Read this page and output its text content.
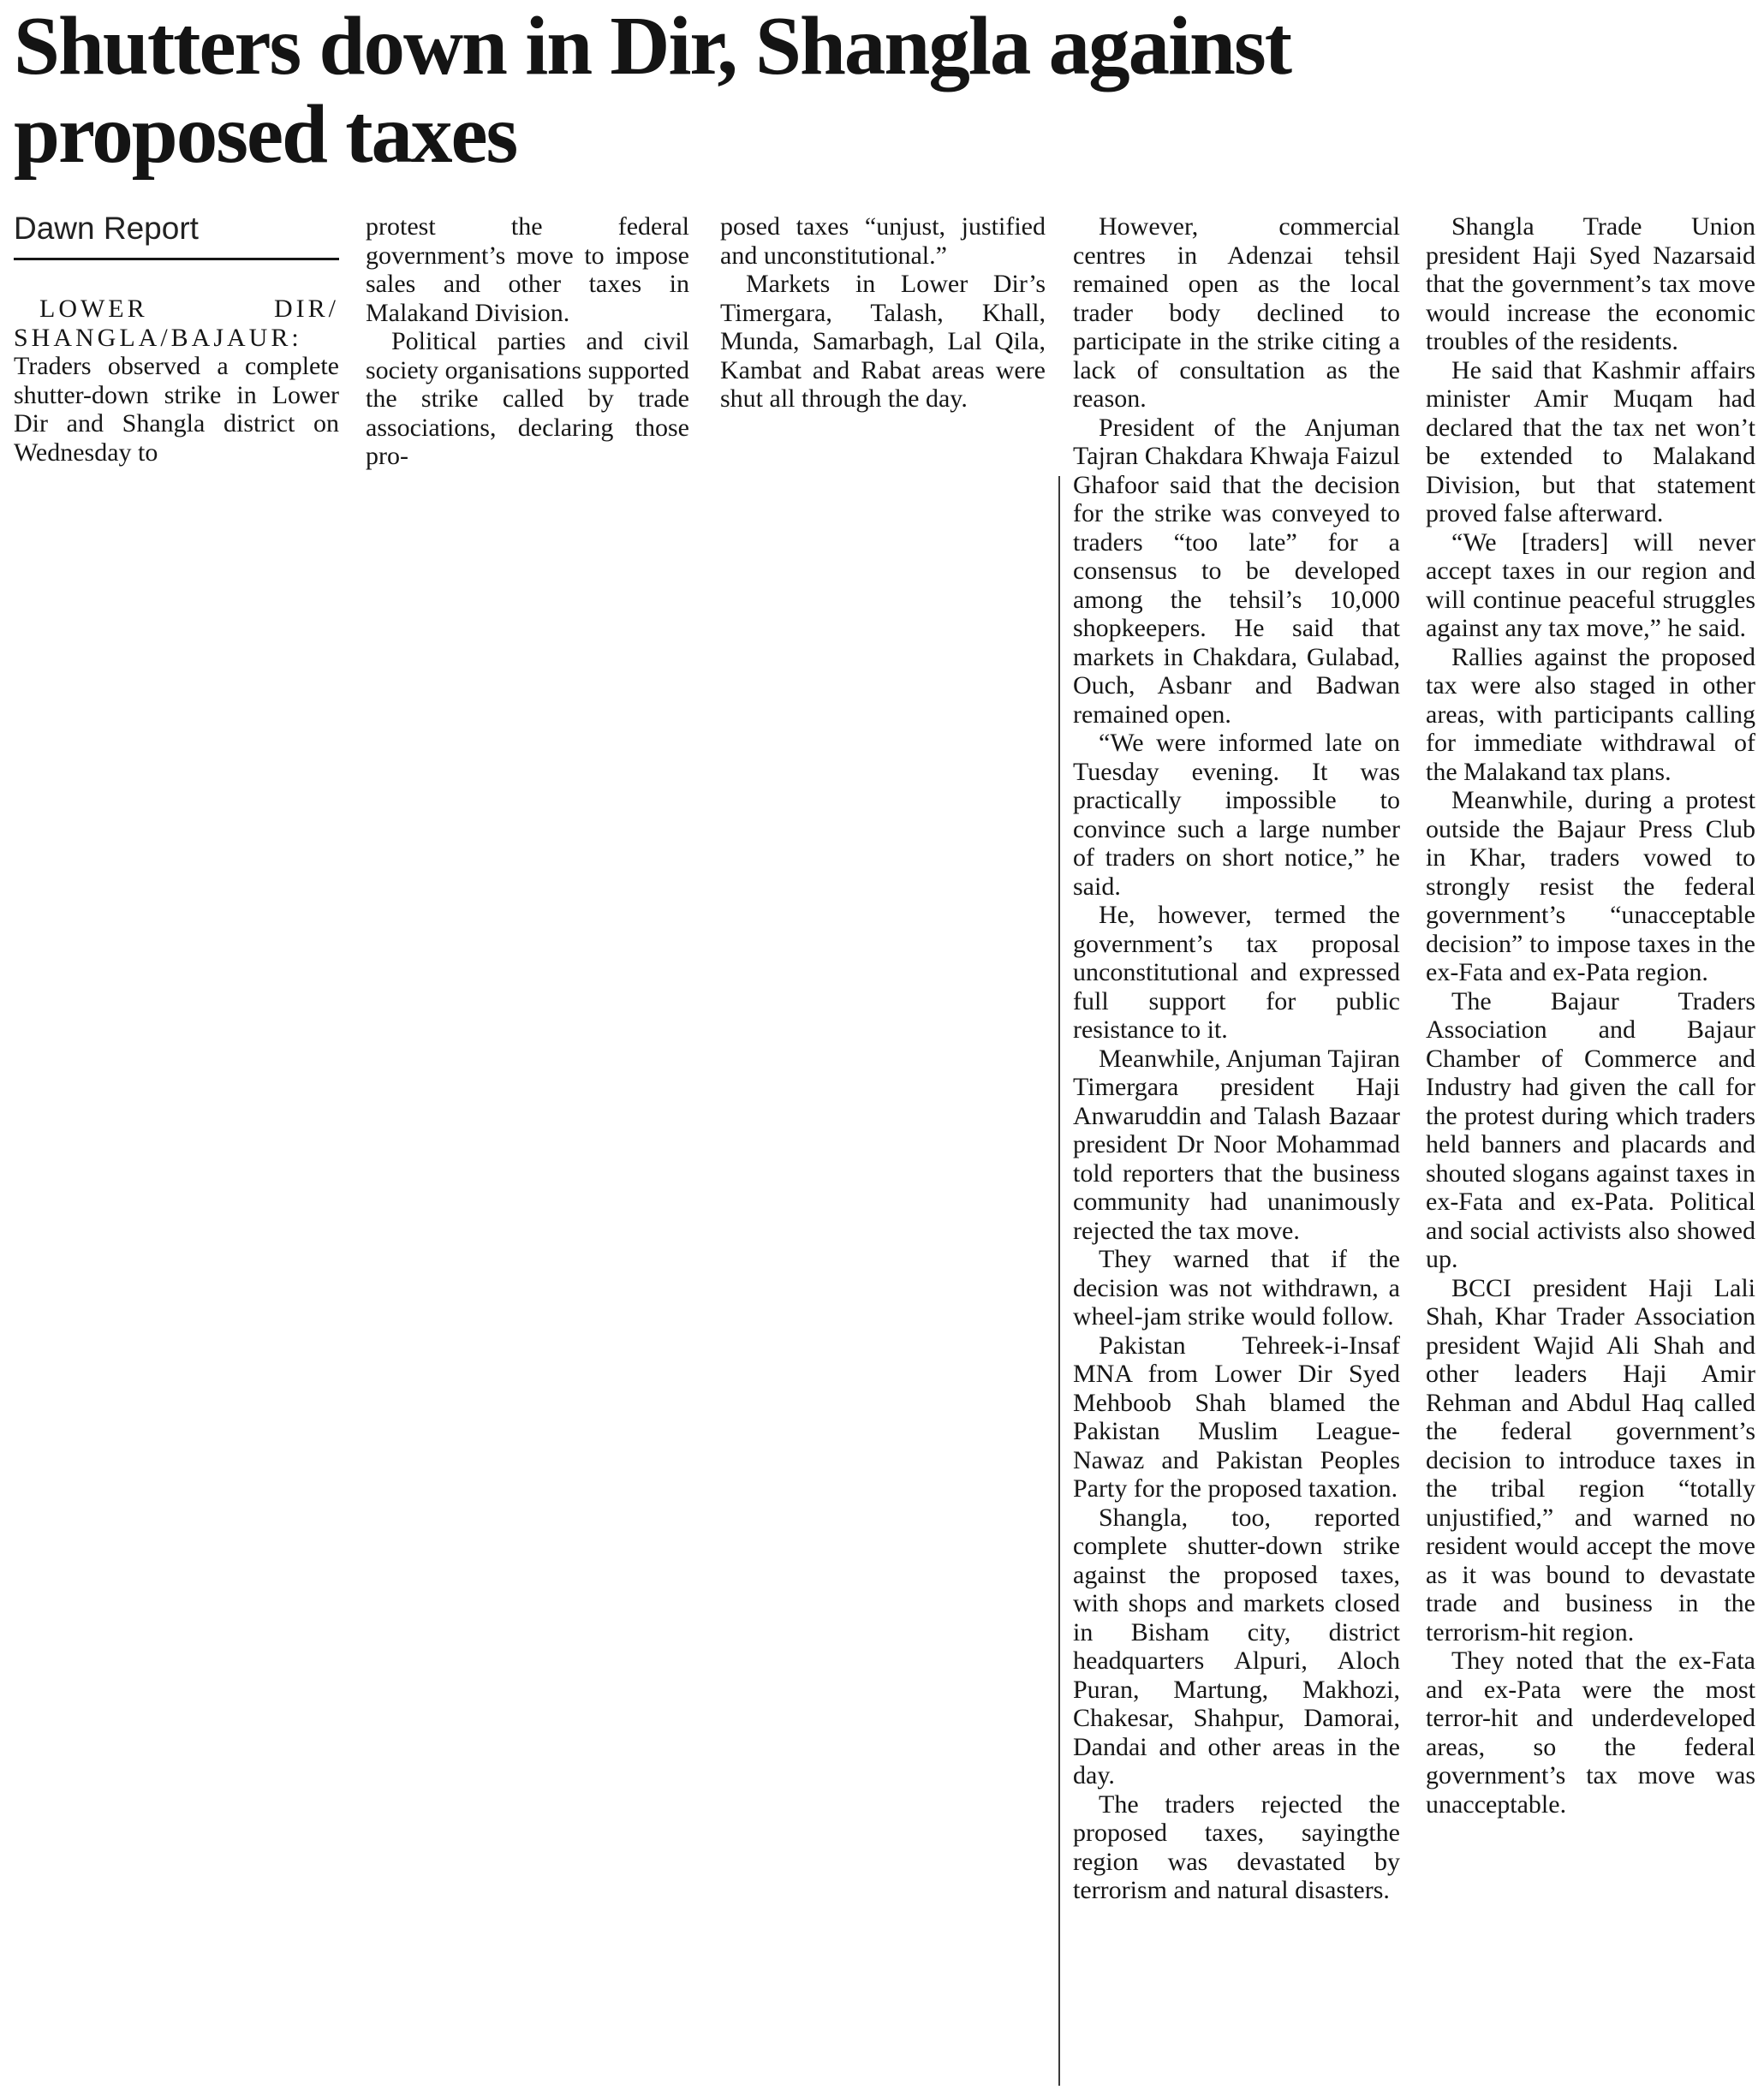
Shutters down in Dir, Shangla against proposed taxes
Dawn Report

LOWER DIR/ SHANGLA/BAJAUR: Traders observed a complete shutter-down strike in Lower Dir and Shangla district on Wednesday to

protest the federal government’s move to impose sales and other taxes in Malakand Division.

Political parties and civil society organisations supported the strike called by trade associations, declaring those pro-

posed taxes “unjust, justified and unconstitutional.”

Markets in Lower Dir’s Timergara, Talash, Khall, Munda, Samarbagh, Lal Qila, Kambat and Rabat areas were shut all through the day.

However, commercial centres in Adenzai tehsil remained open as the local trader body declined to participate in the strike citing a lack of consultation as the reason.

President of the Anjuman Tajran Chakdara Khwaja Faizul Ghafoor said that the decision for the strike was conveyed to traders “too late” for a consensus to be developed among the tehsil’s 10,000 shopkeepers. He said that markets in Chakdara, Gulabad, Ouch, Asbanr and Badwan remained open.

“We were informed late on Tuesday evening. It was practically impossible to convince such a large number of traders on short notice,” he said.

He, however, termed the government’s tax proposal unconstitutional and expressed full support for public resistance to it.

Meanwhile, Anjuman Tajiran Timergara president Haji Anwaruddin and Talash Bazaar president Dr Noor Mohammad told reporters that the business community had unanimously rejected the tax move.

They warned that if the decision was not withdrawn, a wheel-jam strike would follow.

Pakistan Tehreek-i-Insaf MNA from Lower Dir Syed Mehboob Shah blamed the Pakistan Muslim League-Nawaz and Pakistan Peoples Party for the proposed taxation.

Shangla, too, reported complete shutter-down strike against the proposed taxes, with shops and markets closed in Bisham city, district headquarters Alpuri, Aloch Puran, Martung, Makhozi, Chakesar, Shahpur, Damorai, Dandai and other areas in the day.

The traders rejected the proposed taxes, sayingthe region was devastated by terrorism and natural disasters.

Shangla Trade Union president Haji Syed Nazarsaid that the government’s tax move would increase the economic troubles of the residents.

He said that Kashmir affairs minister Amir Muqam had declared that the tax net won’t be extended to Malakand Division, but that statement proved false afterward.

“We [traders] will never accept taxes in our region and will continue peaceful struggles against any tax move,” he said.

Rallies against the proposed tax were also staged in other areas, with participants calling for immediate withdrawal of the Malakand tax plans.

Meanwhile, during a protest outside the Bajaur Press Club in Khar, traders vowed to strongly resist the federal government’s “unacceptable decision” to impose taxes in the ex-Fata and ex-Pata region.

The Bajaur Traders Association and Bajaur Chamber of Commerce and Industry had given the call for the protest during which traders held banners and placards and shouted slogans against taxes in ex-Fata and ex-Pata. Political and social activists also showed up.

BCCI president Haji Lali Shah, Khar Trader Association president Wajid Ali Shah and other leaders Haji Amir Rehman and Abdul Haq called the federal government’s decision to introduce taxes in the tribal region “totally unjustified,” and warned no resident would accept the move as it was bound to devastate trade and business in the terrorism-hit region.

They noted that the ex-Fata and ex-Pata were the most terror-hit and underdeveloped areas, so the federal government’s tax move was unacceptable.
